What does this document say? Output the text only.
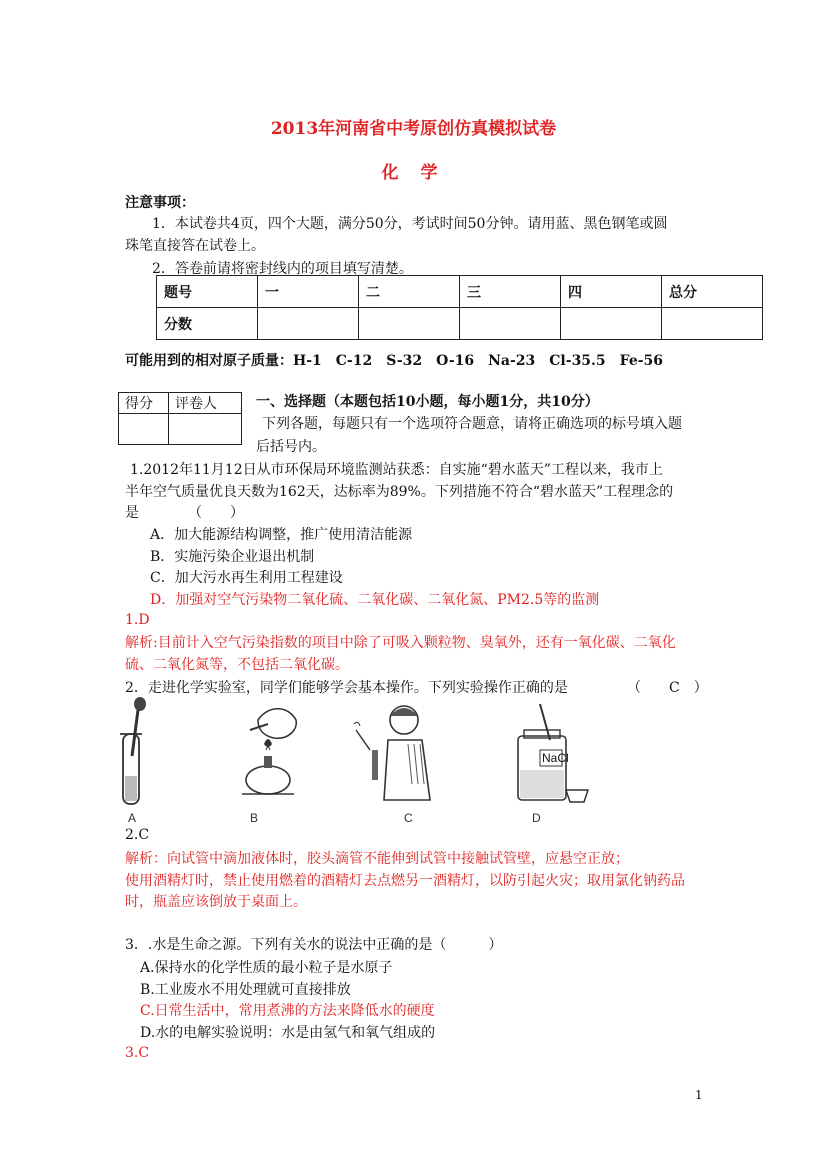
2013年河南省中考原创仿真模拟试卷
化 学
注意事项：
1．本试卷共4页，四个大题，满分50分，考试时间50分钟。请用蓝、黑色钢笔或圆
珠笔直接答在试卷上。
2．答卷前请将密封线内的项目填写清楚。
题号	一	二	三	四	总分
分数					
可能用到的相对原子质量：H-1　C-12　S-32　O-16　Na-23　Cl-35.5　Fe-56
得分	评卷人
		一、选择题（本题包括10小题，每小题1分，共10分）
下列各题，每题只有一个选项符合题意，请将正确选项的标号填入题
后括号内。
1.2012年11月12日从市环保局环境监测站获悉：自实施“碧水蓝天”工程以来，我市上
半年空气质量优良天数为162天，达标率为89%。下列措施不符合“碧水蓝天”工程理念的
是　　　　（　　）
A．加大能源结构调整，推广使用清洁能源
B．实施污染企业退出机制
C．加大污水再生利用工程建设
D．加强对空气污染物二氧化硫、二氧化碳、二氧化氮、PM2.5等的监测
1.D
解析:目前计入空气污染指数的项目中除了可吸入颗粒物、臭氧外，还有一氧化碳、二氧化
硫、二氧化氮等，不包括二氧化碳。
2．走进化学实验室，同学们能够学会基本操作。下列实验操作正确的是	（　　C　）
A	B	C
NaCl
D
2.C
解析：向试管中滴加液体时，胶头滴管不能伸到试管中接触试管壁，应悬空正放；
使用酒精灯时，禁止使用燃着的酒精灯去点燃另一酒精灯，以防引起火灾；取用氯化钠药品
时，瓶盖应该倒放于桌面上。
3．.水是生命之源。下列有关水的说法中正确的是（　　　）
A.保持水的化学性质的最小粒子是水原子
B.工业废水不用处理就可直接排放
C.日常生活中，常用煮沸的方法来降低水的硬度
D.水的电解实验说明：水是由氢气和氧气组成的
3.C
1
